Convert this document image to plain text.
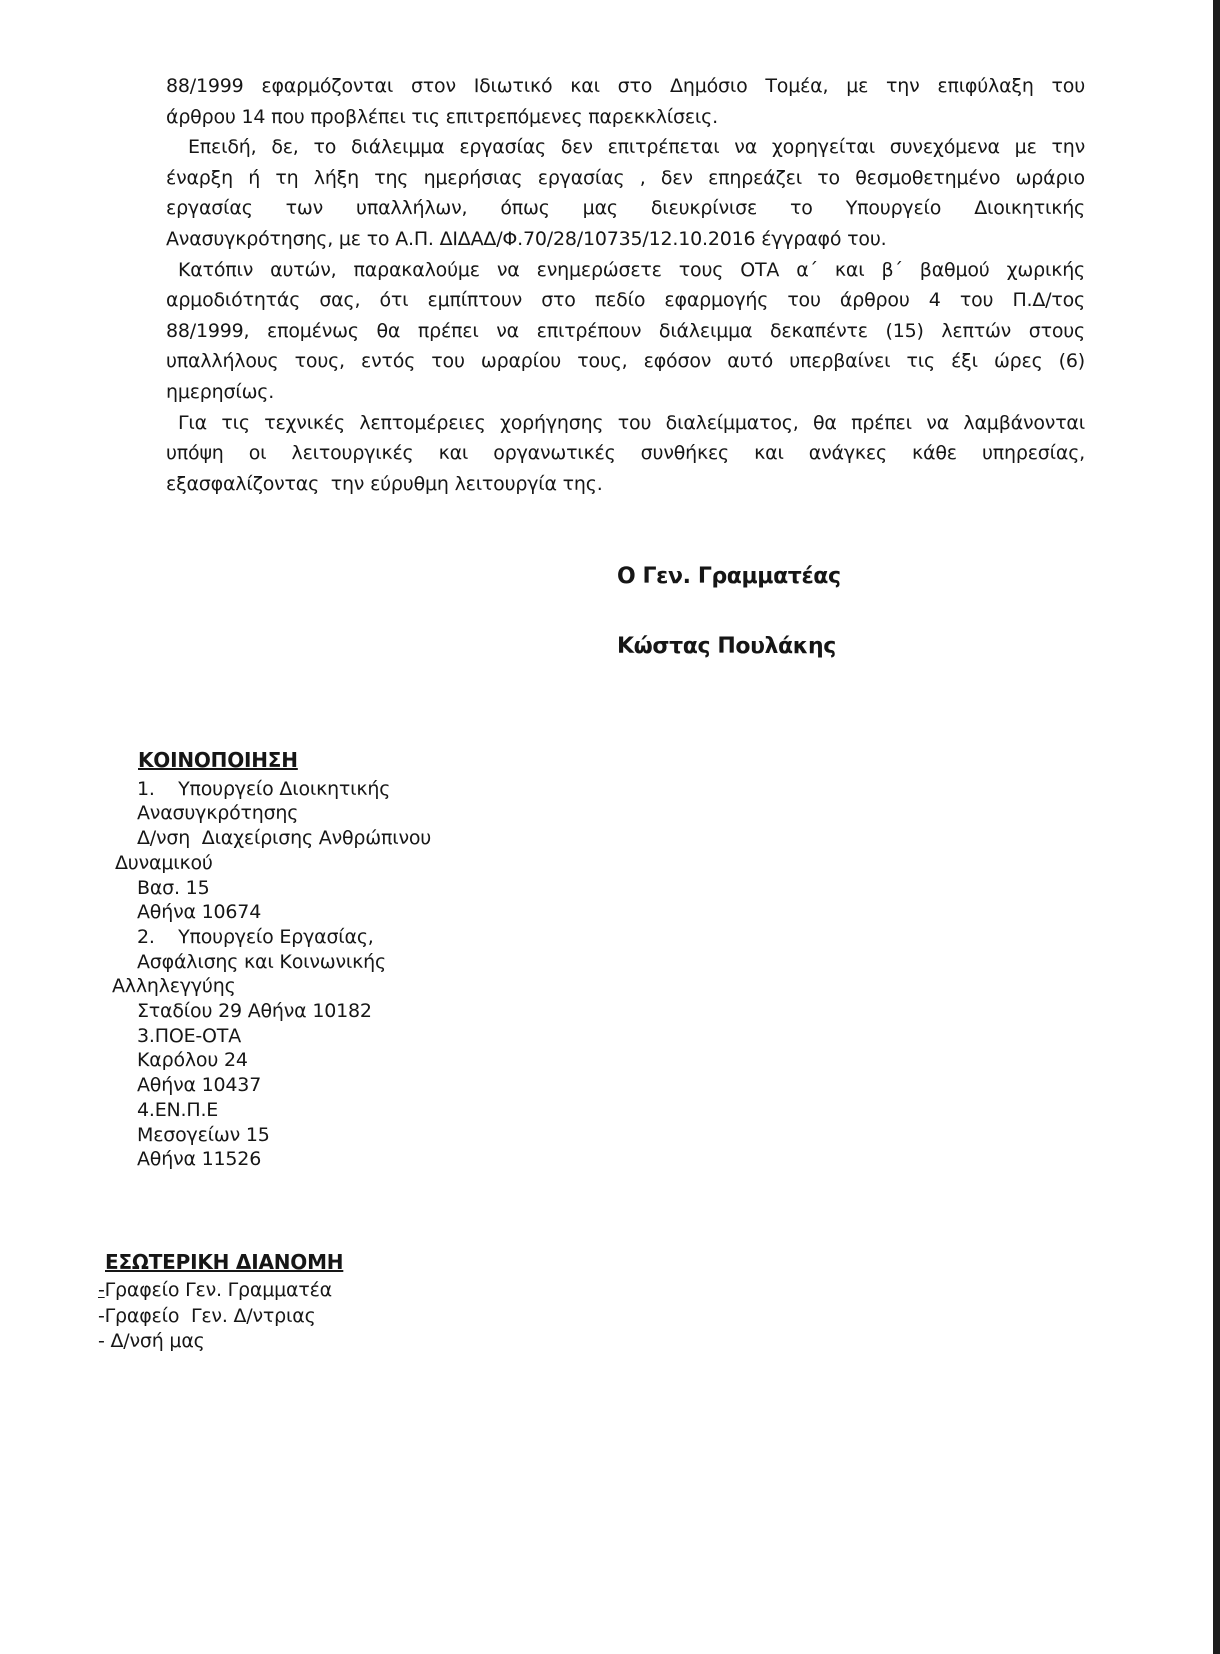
88/1999 εφαρμόζονται στον Ιδιωτικό και στο Δημόσιο Τομέα, με την επιφύλαξη του
άρθρου 14 που προβλέπει τις επιτρεπόμενες παρεκκλίσεις.
Επειδή, δε, το διάλειμμα εργασίας δεν επιτρέπεται να χορηγείται συνεχόμενα με την
έναρξη ή τη λήξη της ημερήσιας εργασίας , δεν επηρεάζει το θεσμοθετημένο ωράριο
εργασίας των υπαλλήλων, όπως μας διευκρίνισε το Υπουργείο Διοικητικής
Ανασυγκρότησης, με το Α.Π. ΔΙΔΑΔ/Φ.70/28/10735/12.10.2016 έγγραφό του.
Κατόπιν αυτών, παρακαλούμε να ενημερώσετε τους ΟΤΑ α΄ και β΄ βαθμού χωρικής
αρμοδιότητάς σας, ότι εμπίπτουν στο πεδίο εφαρμογής του άρθρου 4 του Π.Δ/τος
88/1999, επομένως θα πρέπει να επιτρέπουν διάλειμμα δεκαπέντε (15) λεπτών στους
υπαλλήλους τους, εντός του ωραρίου τους, εφόσον αυτό υπερβαίνει τις έξι ώρες (6)
ημερησίως.
Για τις τεχνικές λεπτομέρειες χορήγησης του διαλείμματος, θα πρέπει να λαμβάνονται
υπόψη οι λειτουργικές και οργανωτικές συνθήκες και ανάγκες κάθε υπηρεσίας,
εξασφαλίζοντας  την εύρυθμη λειτουργία της.
Ο Γεν. Γραμματέας
Κώστας Πουλάκης
ΚΟΙΝΟΠΟΙΗΣΗ
1.    Υπουργείο Διοικητικής
Ανασυγκρότησης
Δ/νση  Διαχείρισης Ανθρώπινου
Δυναμικού
Βασ. 15
Αθήνα 10674
2.    Υπουργείο Εργασίας,
Ασφάλισης και Κοινωνικής
Αλληλεγγύης
Σταδίου 29 Αθήνα 10182
3.ΠΟΕ-ΟΤΑ
Καρόλου 24
Αθήνα 10437
4.ΕΝ.Π.Ε
Μεσογείων 15
Αθήνα 11526
ΕΣΩΤΕΡΙΚΗ ΔΙΑΝΟΜΗ
-Γραφείο Γεν. Γραμματέα
-Γραφείο  Γεν. Δ/ντριας
- Δ/νσή μας
